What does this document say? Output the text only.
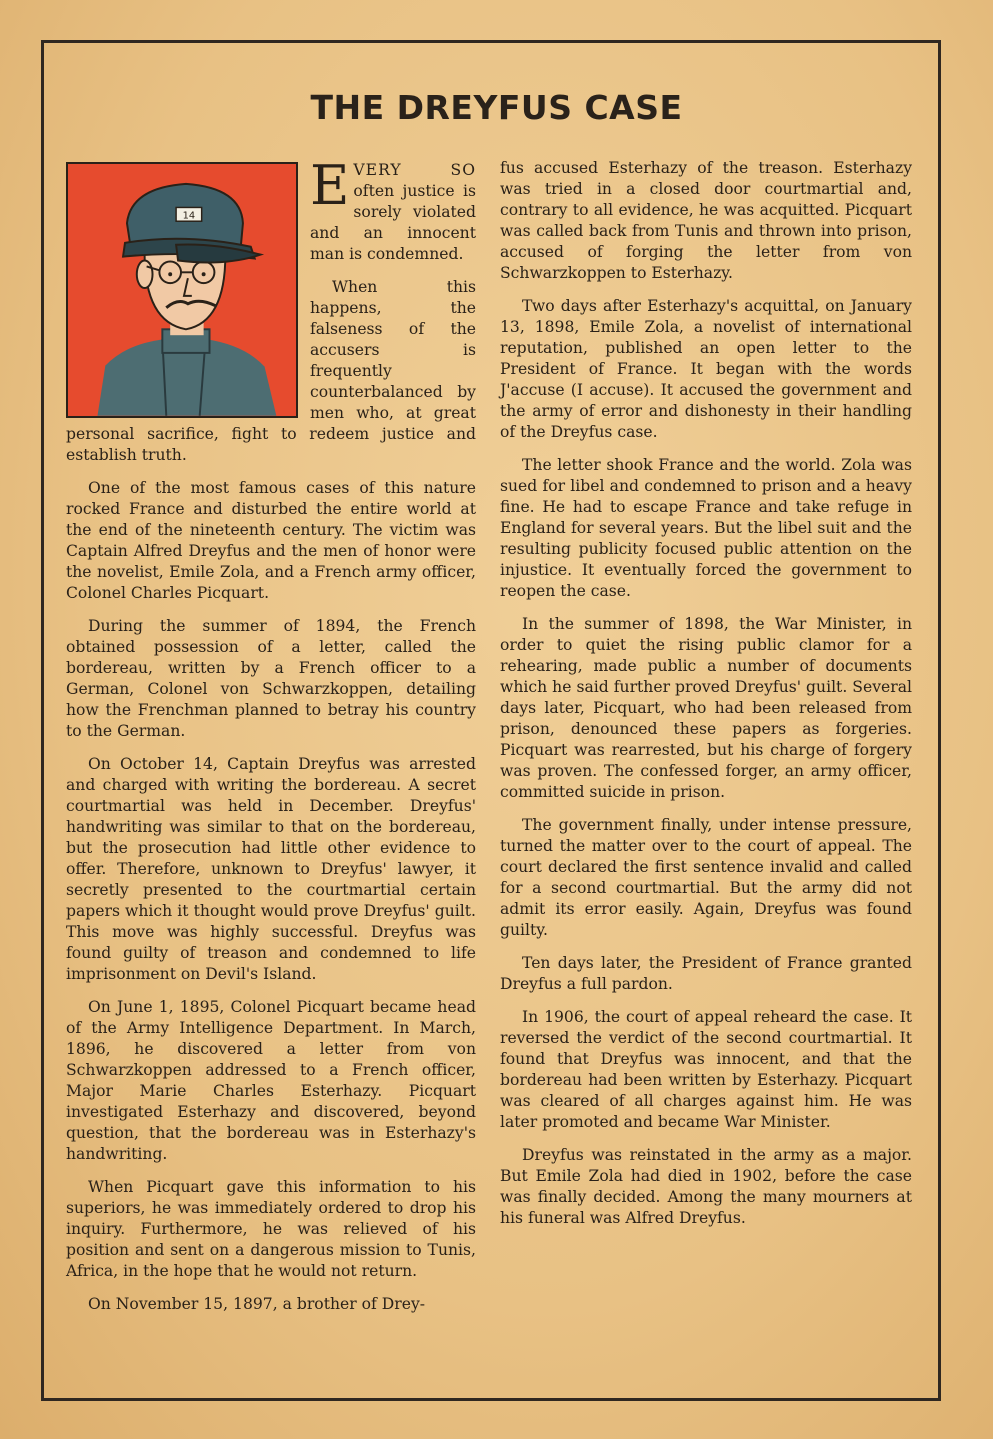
THE DREYFUS CASE
14 EVERY SO often justice is sorely violated and an innocent man is condemned.

When this happens, the falseness of the accusers is frequently counterbalanced by men who, at great personal sacrifice, fight to redeem justice and establish truth.

One of the most famous cases of this nature rocked France and disturbed the entire world at the end of the nineteenth century. The victim was Captain Alfred Dreyfus and the men of honor were the novelist, Emile Zola, and a French army officer, Colonel Charles Picquart.

During the summer of 1894, the French obtained possession of a letter, called the bordereau, written by a French officer to a German, Colonel von Schwarzkoppen, detailing how the Frenchman planned to betray his country to the German.

On October 14, Captain Dreyfus was arrested and charged with writing the bordereau. A secret courtmartial was held in December. Dreyfus' handwriting was similar to that on the bordereau, but the prosecution had little other evidence to offer. Therefore, unknown to Dreyfus' lawyer, it secretly presented to the courtmartial certain papers which it thought would prove Dreyfus' guilt. This move was highly successful. Dreyfus was found guilty of treason and condemned to life imprisonment on Devil's Island.

On June 1, 1895, Colonel Picquart became head of the Army Intelligence Department. In March, 1896, he discovered a letter from von Schwarzkoppen addressed to a French officer, Major Marie Charles Esterhazy. Picquart investigated Esterhazy and discovered, beyond question, that the bordereau was in Esterhazy's handwriting.

When Picquart gave this information to his superiors, he was immediately ordered to drop his inquiry. Furthermore, he was relieved of his position and sent on a dangerous mission to Tunis, Africa, in the hope that he would not return.

On November 15, 1897, a brother of Drey-

fus accused Esterhazy of the treason. Esterhazy was tried in a closed door courtmartial and, contrary to all evidence, he was acquitted. Picquart was called back from Tunis and thrown into prison, accused of forging the letter from von Schwarzkoppen to Esterhazy.

Two days after Esterhazy's acquittal, on January 13, 1898, Emile Zola, a novelist of international reputation, published an open letter to the President of France. It began with the words J'accuse (I accuse). It accused the government and the army of error and dishonesty in their handling of the Dreyfus case.

The letter shook France and the world. Zola was sued for libel and condemned to prison and a heavy fine. He had to escape France and take refuge in England for several years. But the libel suit and the resulting publicity focused public attention on the injustice. It eventually forced the government to reopen the case.

In the summer of 1898, the War Minister, in order to quiet the rising public clamor for a rehearing, made public a number of documents which he said further proved Dreyfus' guilt. Several days later, Picquart, who had been released from prison, denounced these papers as forgeries. Picquart was rearrested, but his charge of forgery was proven. The confessed forger, an army officer, committed suicide in prison.

The government finally, under intense pressure, turned the matter over to the court of appeal. The court declared the first sentence invalid and called for a second courtmartial. But the army did not admit its error easily. Again, Dreyfus was found guilty.

Ten days later, the President of France granted Dreyfus a full pardon.

In 1906, the court of appeal reheard the case. It reversed the verdict of the second courtmartial. It found that Dreyfus was innocent, and that the bordereau had been written by Esterhazy. Picquart was cleared of all charges against him. He was later promoted and became War Minister.

Dreyfus was reinstated in the army as a major. But Emile Zola had died in 1902, before the case was finally decided. Among the many mourners at his funeral was Alfred Dreyfus.
